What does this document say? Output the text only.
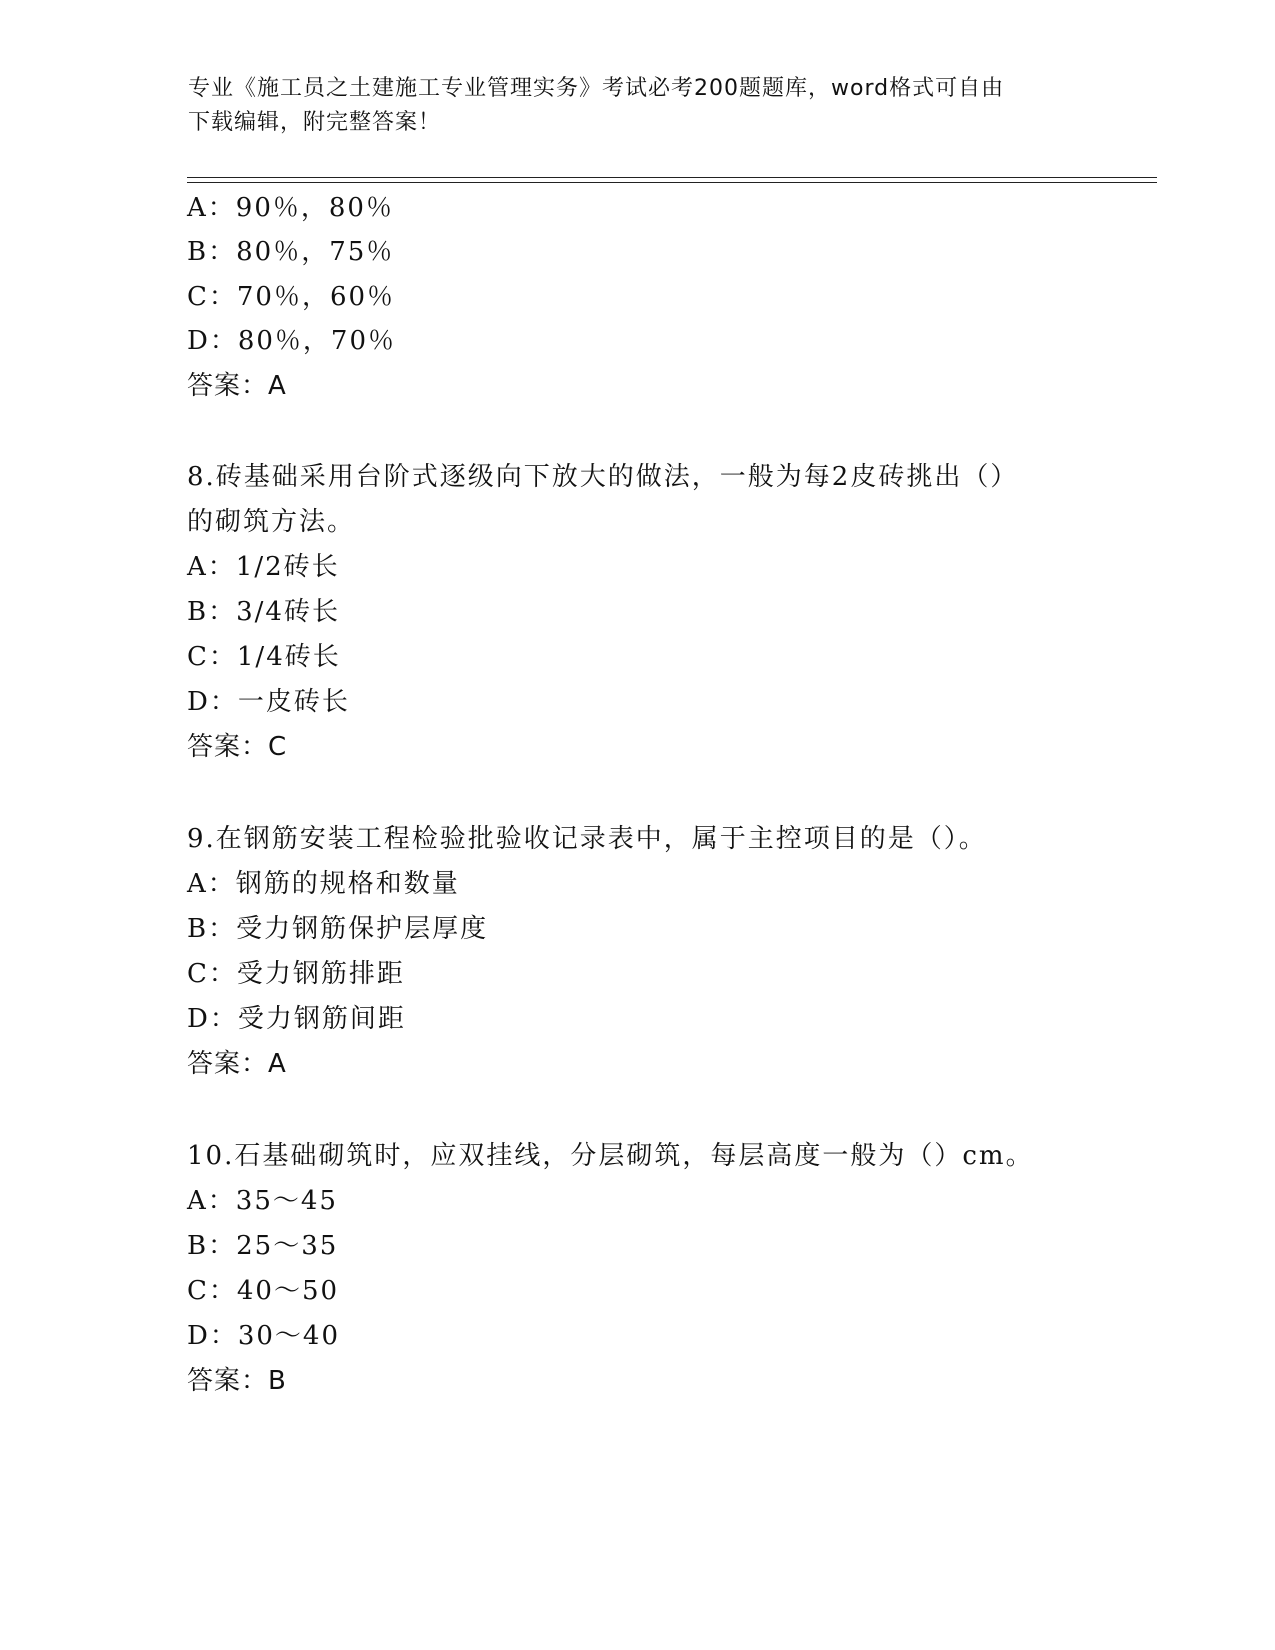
专业《施工员之土建施工专业管理实务》考试必考200题题库，word格式可自由
下载编辑，附完整答案！
A：90％，80％
B：80％，75％
C：70％，60％
D：80％，70％
答案：A
8.砖基础采用台阶式逐级向下放大的做法，一般为每2皮砖挑出（）
的砌筑方法。
A：1/2砖长
B：3/4砖长
C：1/4砖长
D：一皮砖长
答案：C
9.在钢筋安装工程检验批验收记录表中，属于主控项目的是（）。
A：钢筋的规格和数量
B：受力钢筋保护层厚度
C：受力钢筋排距
D：受力钢筋间距
答案：A
10.石基础砌筑时，应双挂线，分层砌筑，每层高度一般为（）cm。
A：35～45
B：25～35
C：40～50
D：30～40
答案：B
